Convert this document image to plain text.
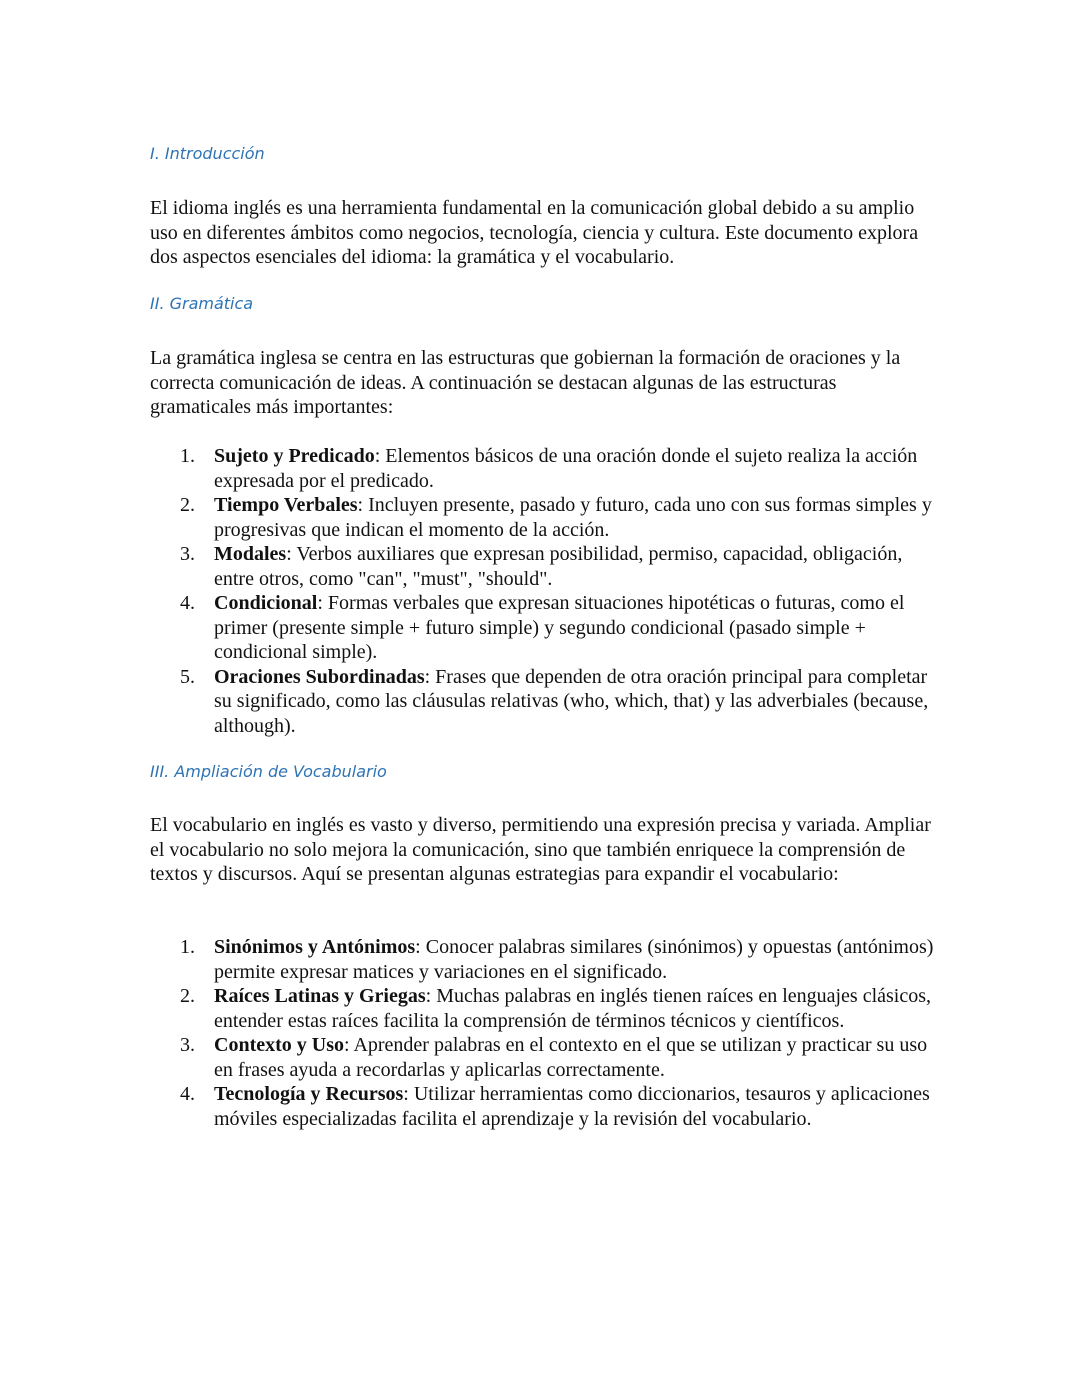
I. Introducción

El idioma inglés es una herramienta fundamental en la comunicación global debido a su amplio uso en diferentes ámbitos como negocios, tecnología, ciencia y cultura. Este documento explora dos aspectos esenciales del idioma: la gramática y el vocabulario.

II. Gramática

La gramática inglesa se centra en las estructuras que gobiernan la formación de oraciones y la correcta comunicación de ideas. A continuación se destacan algunas de las estructuras gramaticales más importantes:

1. Sujeto y Predicado: Elementos básicos de una oración donde el sujeto realiza la acción expresada por el predicado.
2. Tiempo Verbales: Incluyen presente, pasado y futuro, cada uno con sus formas simples y progresivas que indican el momento de la acción.
3. Modales: Verbos auxiliares que expresan posibilidad, permiso, capacidad, obligación, entre otros, como "can", "must", "should".
4. Condicional: Formas verbales que expresan situaciones hipotéticas o futuras, como el primer (presente simple + futuro simple) y segundo condicional (pasado simple + condicional simple).
5. Oraciones Subordinadas: Frases que dependen de otra oración principal para completar su significado, como las cláusulas relativas (who, which, that) y las adverbiales (because, although).
III. Ampliación de Vocabulario

El vocabulario en inglés es vasto y diverso, permitiendo una expresión precisa y variada. Ampliar el vocabulario no solo mejora la comunicación, sino que también enriquece la comprensión de textos y discursos. Aquí se presentan algunas estrategias para expandir el vocabulario:

1. Sinónimos y Antónimos: Conocer palabras similares (sinónimos) y opuestas (antónimos) permite expresar matices y variaciones en el significado.
2. Raíces Latinas y Griegas: Muchas palabras en inglés tienen raíces en lenguajes clásicos, entender estas raíces facilita la comprensión de términos técnicos y científicos.
3. Contexto y Uso: Aprender palabras en el contexto en el que se utilizan y practicar su uso en frases ayuda a recordarlas y aplicarlas correctamente.
4. Tecnología y Recursos: Utilizar herramientas como diccionarios, tesauros y aplicaciones móviles especializadas facilita el aprendizaje y la revisión del vocabulario.
